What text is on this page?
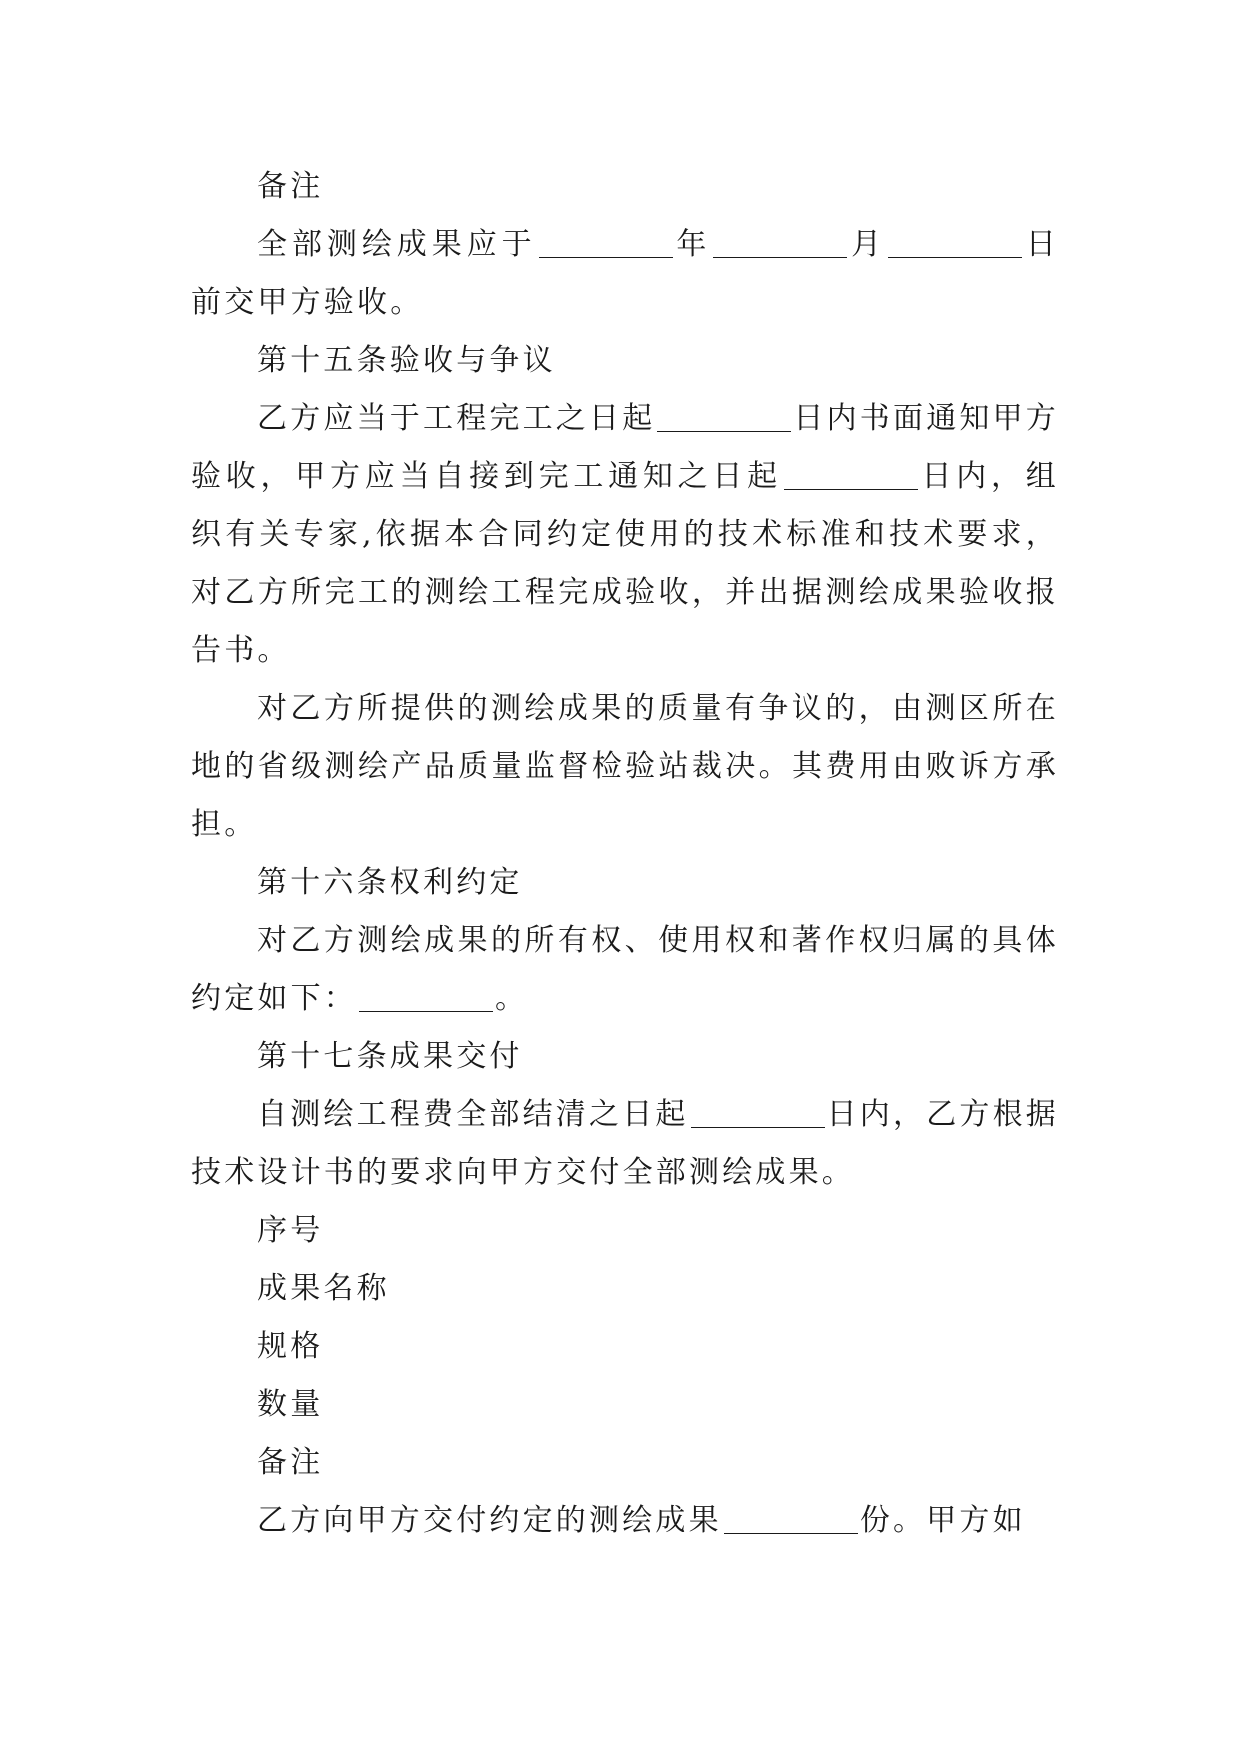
备注

全部测绘成果应于	年	月	日前交甲方验收。

第十五条验收与争议

乙方应当于工程完工之日起	日内书面通知甲方验收，甲方应当自接到完工通知之日起	日内，组织有关专家,依据本合同约定使用的技术标准和技术要求，对乙方所完工的测绘工程完成验收，并出据测绘成果验收报告书。

对乙方所提供的测绘成果的质量有争议的，由测区所在地的省级测绘产品质量监督检验站裁决。其费用由败诉方承担。

第十六条权利约定

对乙方测绘成果的所有权、使用权和著作权归属的具体约定如下：	。

第十七条成果交付

自测绘工程费全部结清之日起	日内，乙方根据技术设计书的要求向甲方交付全部测绘成果。

序号

成果名称

规格

数量

备注

乙方向甲方交付约定的测绘成果	份。甲方如
